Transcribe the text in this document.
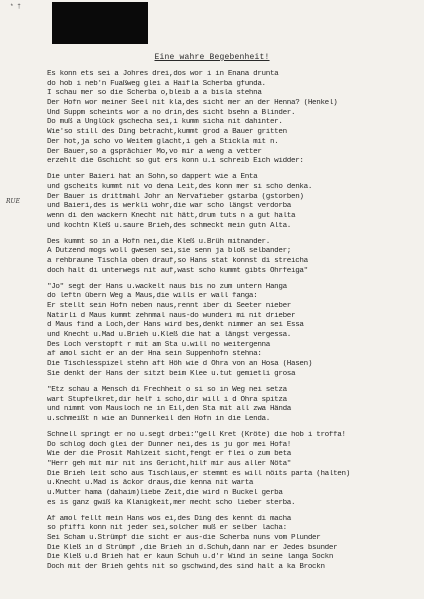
* †
Eine wahre Begebenheit!
RUE
Es konn ets sei a Johres drei,dos wor i in Enana drunta
do hob i neb'n Fuaßweg glei a Haifla Scherba gfunda.
I schau mer so die Scherba o,bleib a a bisla stehna
Der Hofn wor meiner Seel nit kla,des sicht mer an der Henna? (Henkel)
Und Suppm scheints wor a no drin,des sicht bsehn a Blinder.
Do muß a Unglück gschecha sei,i kumm sicha nit dahinter.
Wie'so still des Ding betracht,kummt grod a Bauer gritten
Der hot,ja scho vo Weitem glacht,i geh a Stickla mit n.
Der Bauer,so a gsprächier Mo,vo mir a weng a vetter
erzehlt die Gschicht so gut ers konn u.i schreib Eich widder:
Die unter Baieri hat an Sohn,so dappert wie a Enta
und gscheits kummt nit vo dena Leit,des konn mer si scho denka.
Der Bauer is drittmahl Johr an Nervafieber gstarba (gstorben)
und Baieri,des is werkli wohr,die war scho längst verdorba
wenn di den wackern Knecht nit hätt,drum tuts n a gut halta
und kochtn Kleß u.saure Brieh,des schmeckt mein gutn Alta.
Des kummt so in a Hofn nei,die Kleß u.Brüh mitnander.
A Dutzend mogs woll gwesen sei,sie senn ja bloß selbander;
a rehbraune Tischla oben drauf,so Hans stat konnst di streicha
doch halt di unterwegs nit auf,wast scho kummt gibts Ohrfeiga"
"Jo" segt der Hans u.wackelt naus bis no zum untern Hanga
do leftn übern Weg a Maus,die wills er wall fanga:
Er stellt sein Hofn neben naus,rennt iber di Seeter nieber
Natirli d Maus kummt zehnmal naus-do wunderi mi nit drieber
d Maus find a Loch,der Hans wird bes,denkt nimmer an sei Essa
und Knecht u.Mad u.Brieh u.Kleß die hat a längst vergessa.
Des Loch verstopft r mit am Sta u.will no weitergenna
af amol sicht er an der Hna sein Suppenhofn stehna:
Die Tischlesspizel stehn aft Höh wie d Ohra von an Hosa (Hasen)
Sie denkt der Hans der sitzt beim Klee u.tut gemietli grosa
"Etz schau a Mensch di Frechheit o si so in Weg nei setza
wart Stupfelkret,dir helf i scho,dir will i d Ohra spitza
und nimmt vom Mausloch ne in Eil,den Sta mit all zwa Hända
u.schmeißt n wie an Dunnerkeil den Hofn in die Lenda.
Schnell springt er no u.segt drbei:"gell Kret (Kröte) die hob i troffa!
Do schlog doch glei der Dunner nei,des is ju gor mei Hofa!
Wie der die Prosit Mahlzeit sicht,fengt er flei o zum beta
"Herr geh mit mir nit ins Gericht,hilf mir aus aller Nöta"
Die Brieh leit scho aus Tischlaus,er stemmt es will nöits parta (halten)
u.Knecht u.Mad is äckor draus,die kenna nit warta
u.Mutter hama (dahaim)liebe Zeit,die wird n Buckel gerba
es is ganz gwiß ka Klanigkeit,mer mecht scho lieber sterba.
Af amol fellt mein Hans wos ei,des Ding des kennt di macha
so pfiffi konn nit jeder sei,solcher muß er selber lacha:
Sei Scham u.Strümpf die sicht er aus-die Scherba nuns vom Plunder
Die Kleß in d Strümpf ,die Brieh in d.Schuh,dann nar er Jedes bsunder
Die Kleß u.d Brieh hat er kaun Schuh u.d'r Wind in seine langa Sockn
Doch mit der Brieh gehts nit so gschwind,des sind halt a ka Brockn
